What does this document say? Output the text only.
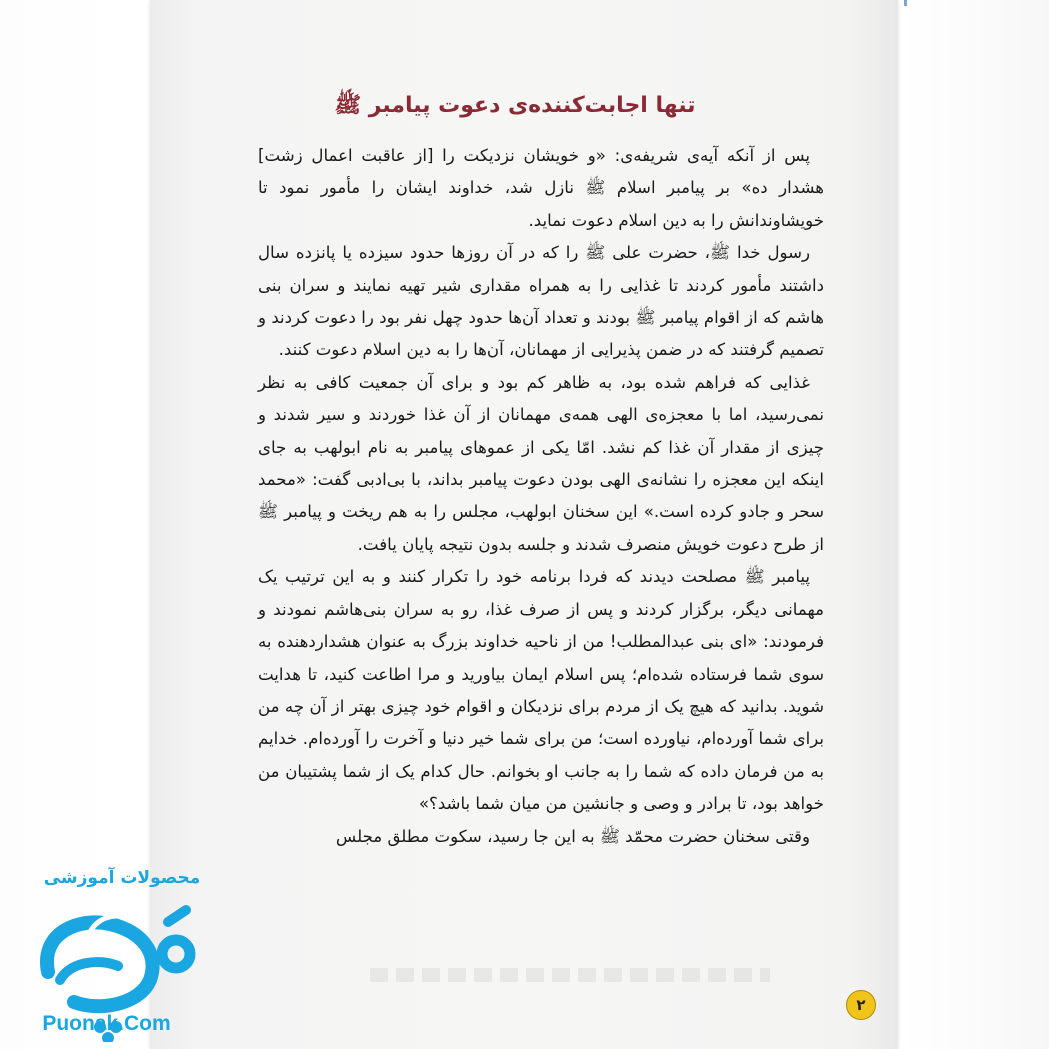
تنها اجابت‌کننده‌ی دعوت پیامبر ﷺ

پس از آنکه آیه‌ی شریفه‌ی: «و خویشان نزدیکت را [از عاقبت اعمال زشت] هشدار ده» بر پیامبر اسلام ﷺ نازل شد، خداوند ایشان را مأمور نمود تا خویشاوندانش را به دین اسلام دعوت نماید.

رسول خدا ﷺ، حضرت علی ﷺ را که در آن روزها حدود سیزده یا پانزده سال داشتند مأمور کردند تا غذایی را به همراه مقداری شیر تهیه نمایند و سران بنی هاشم که از اقوام پیامبر ﷺ بودند و تعداد آن‌ها حدود چهل نفر بود را دعوت کردند و تصمیم گرفتند که در ضمن پذیرایی از مهمانان، آن‌ها را به دین اسلام دعوت کنند.

غذایی که فراهم شده بود، به ظاهر کم بود و برای آن جمعیت کافی به نظر نمی‌رسید، اما با معجزه‌ی الهی همه‌ی مهمانان از آن غذا خوردند و سیر شدند و چیزی از مقدار آن غذا کم نشد. امّا یکی از عموهای پیامبر به نام ابولهب به جای اینکه این معجزه را نشانه‌ی الهی بودن دعوت پیامبر بداند، با بی‌ادبی گفت: «محمد سحر و جادو کرده است.» این سخنان ابولهب، مجلس را به هم ریخت و پیامبر ﷺ از طرح دعوت خویش منصرف شدند و جلسه بدون نتیجه پایان یافت.

پیامبر ﷺ مصلحت دیدند که فردا برنامه خود را تکرار کنند و به این ترتیب یک مهمانی دیگر، برگزار کردند و پس از صرف غذا، رو به سران بنی‌هاشم نمودند و فرمودند: «ای بنی عبدالمطلب! من از ناحیه خداوند بزرگ به عنوان هشداردهنده به سوی شما فرستاده شده‌ام؛ پس اسلام ایمان بیاورید و مرا اطاعت کنید، تا هدایت شوید. بدانید که هیچ یک از مردم برای نزدیکان و اقوام خود چیزی بهتر از آن چه من برای شما آورده‌ام، نیاورده است؛ من برای شما خیر دنیا و آخرت را آورده‌ام. خدایم به من فرمان داده که شما را به جانب او بخوانم. حال کدام یک از شما پشتیبان من خواهد بود، تا برادر و وصی و جانشین من میان شما باشد؟»

وقتی سخنان حضرت محمّد ﷺ به این جا رسید، سکوت مطلق مجلس

۲
محصولات آموزشی
Puonak.Com
